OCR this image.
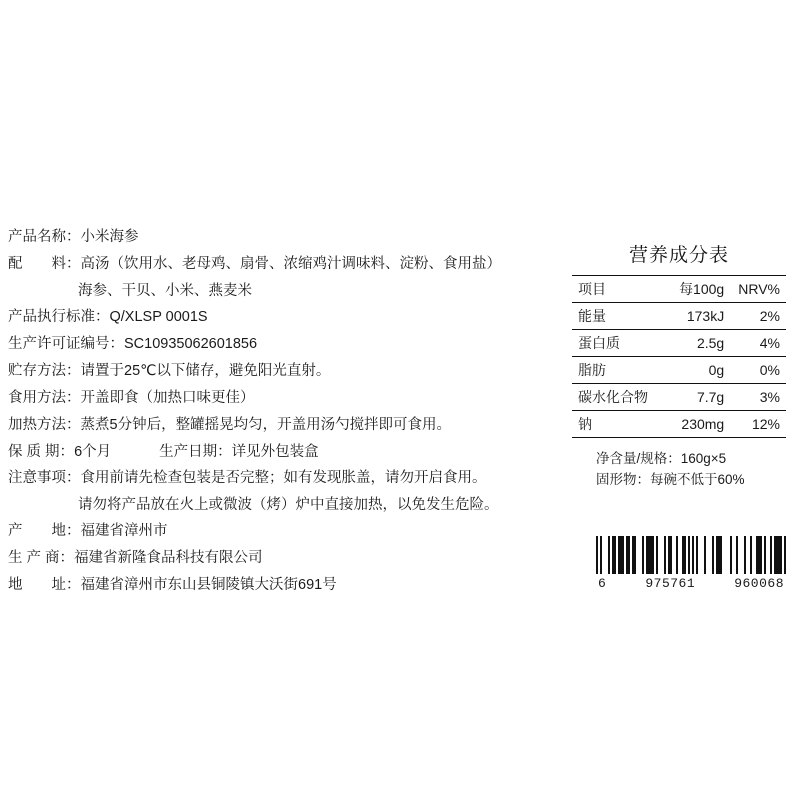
产品名称： 小米海参
配　　料： 高汤（饮用水、老母鸡、扇骨、浓缩鸡汁调味料、淀粉、食用盐）
海参、干贝、小米、燕麦米
产品执行标准： Q/XLSP 0001S
生产许可证编号： SC10935062601856
贮存方法： 请置于25℃以下储存，避免阳光直射。
食用方法： 开盖即食（加热口味更佳）
加热方法： 蒸煮5分钟后，整罐摇晃均匀，开盖用汤勺搅拌即可食用。
保 质 期： 6个月	生产日期： 详见外包装盒
注意事项： 食用前请先检查包装是否完整；如有发现胀盖，请勿开启食用。
请勿将产品放在火上或微波（烤）炉中直接加热，以免发生危险。
产　　地： 福建省漳州市
生 产 商： 福建省新隆食品科技有限公司
地　　址： 福建省漳州市东山县铜陵镇大沃街691号
营养成分表
项目	每100g	NRV%
能量	173kJ	2%
蛋白质	2.5g	4%
脂肪	0g	0%
碳水化合物	7.7g	3%
钠	230mg	12%
净含量/规格： 160g×5
固形物： 每碗不低于60%
6	975761	960068
